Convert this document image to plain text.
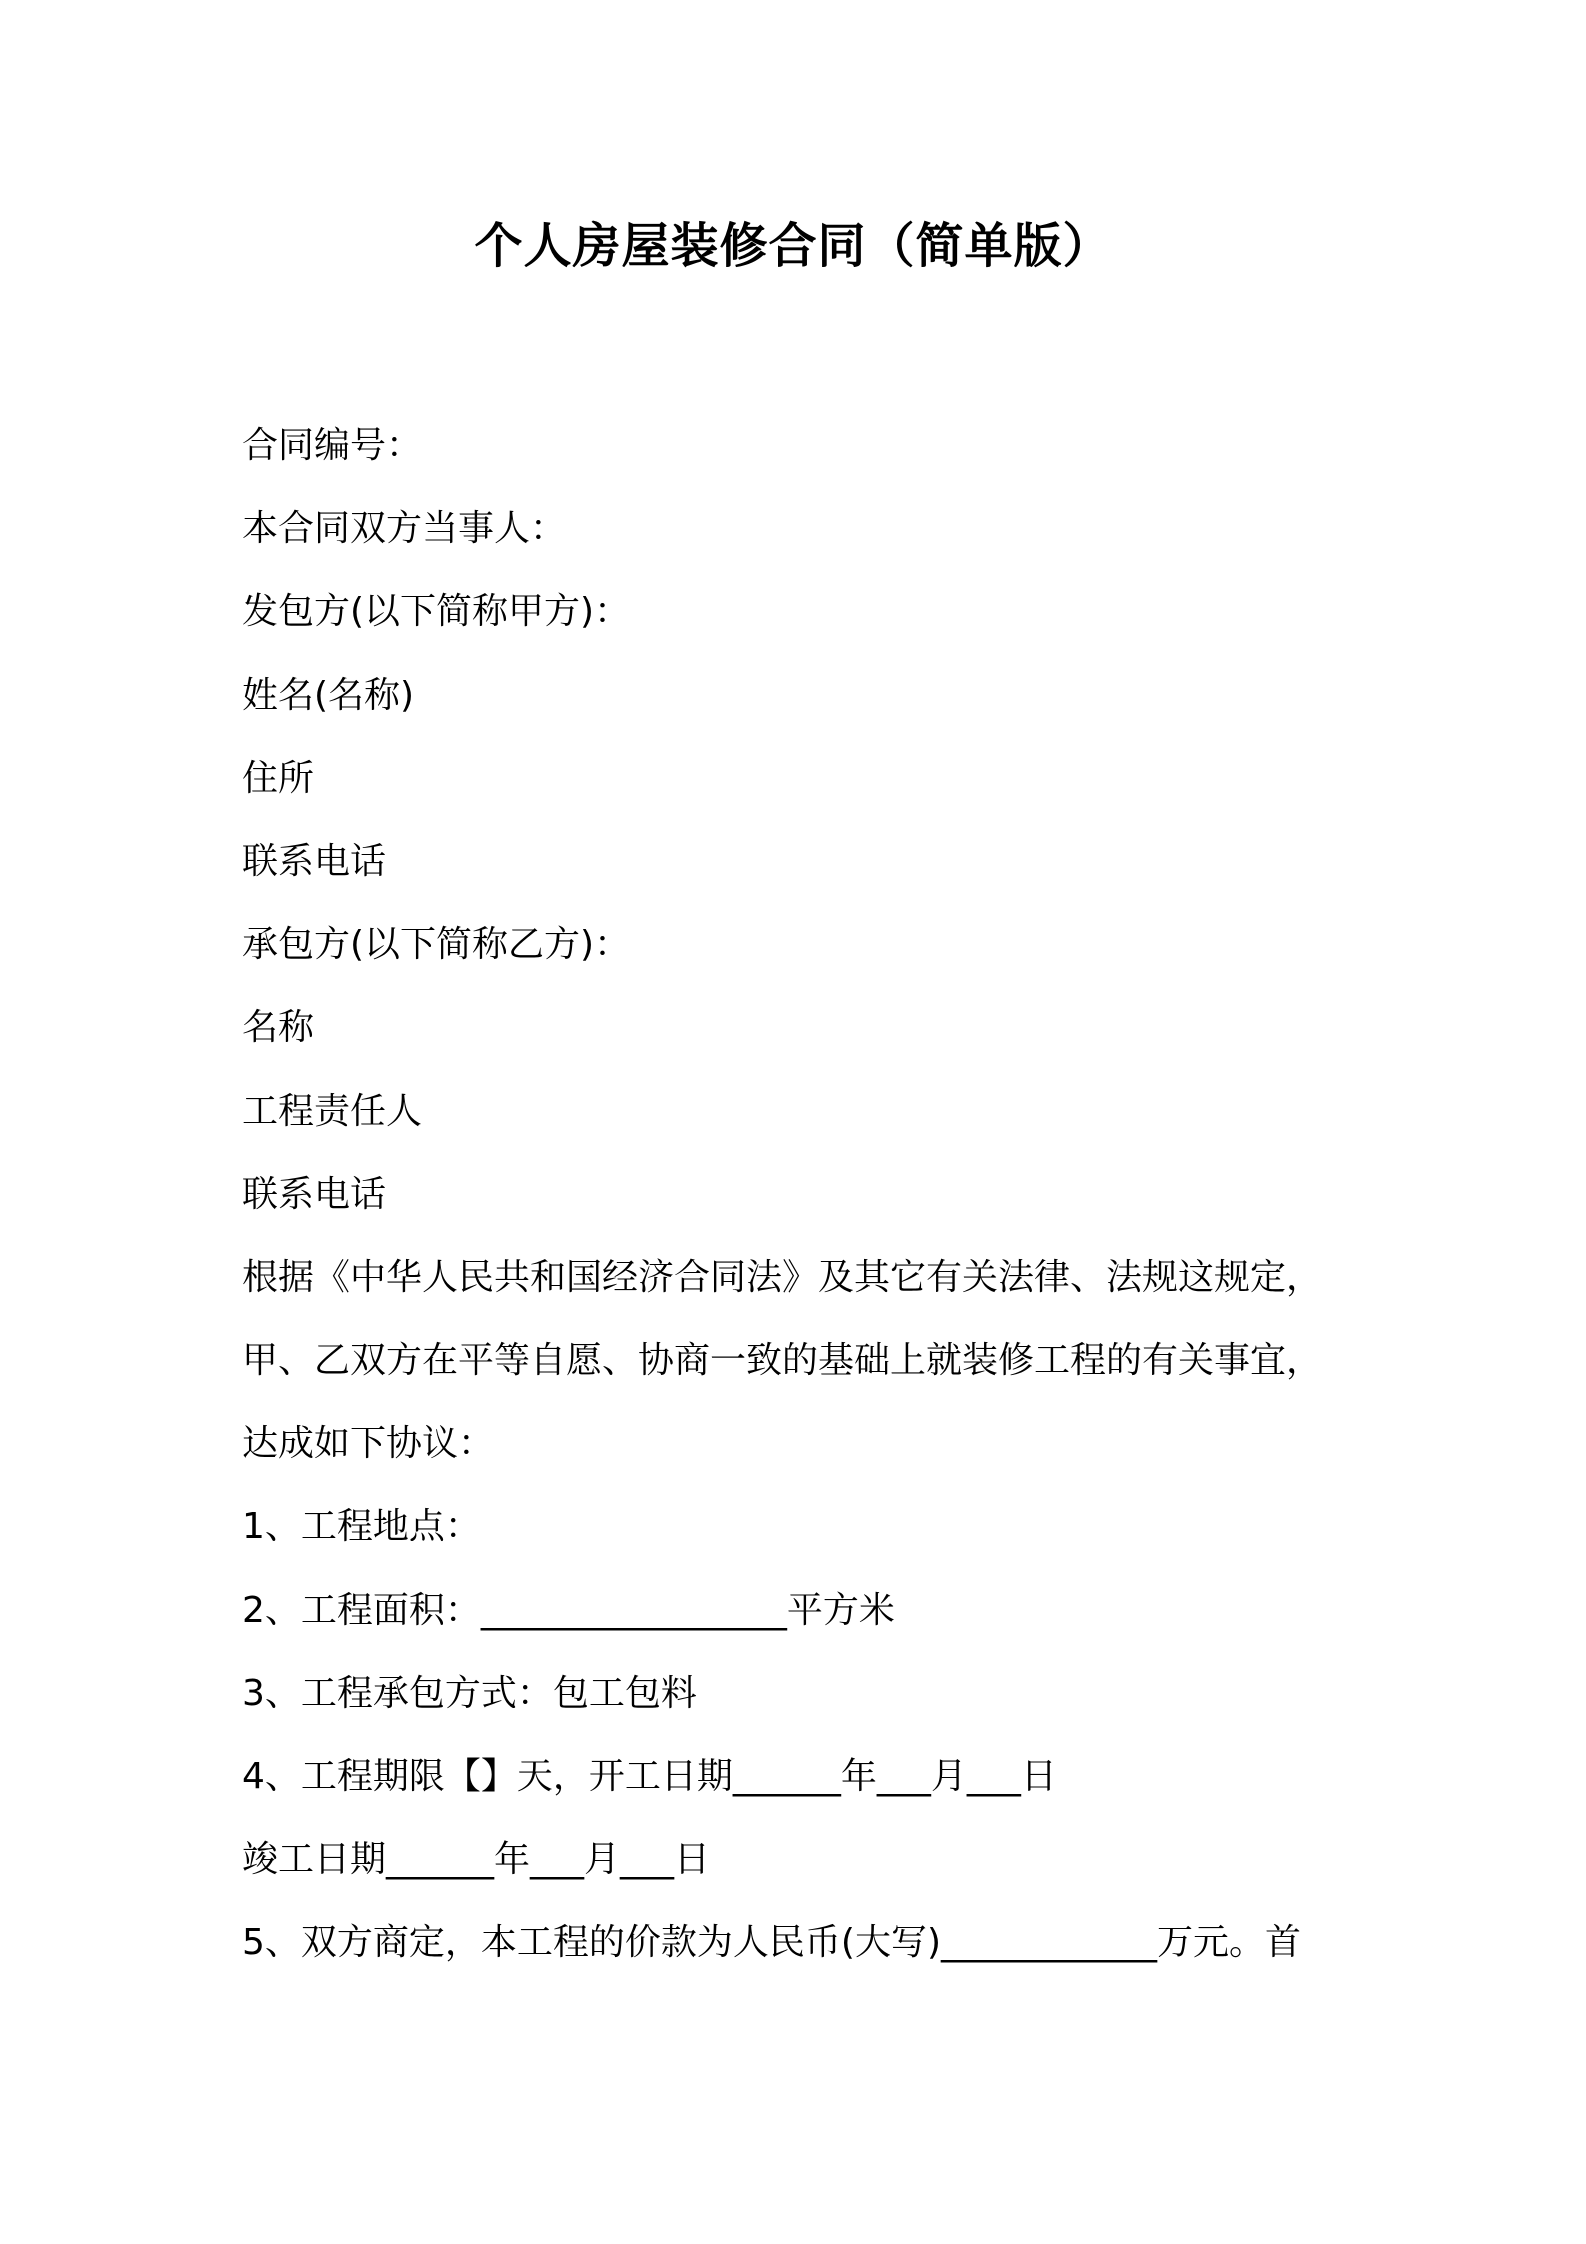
个人房屋装修合同（简单版）
合同编号：
本合同双方当事人：
发包方(以下简称甲方)：
姓名(名称)
住所
联系电话
承包方(以下简称乙方)：
名称
工程责任人
联系电话
根据《中华人民共和国经济合同法》及其它有关法律、法规这规定，
甲、乙双方在平等自愿、协商一致的基础上就装修工程的有关事宜，
达成如下协议：
1、工程地点：
2、工程面积：_________________平方米
3、工程承包方式：包工包料
4、工程期限【】天，开工日期______年___月___日
竣工日期______年___月___日
5、双方商定，本工程的价款为人民币(大写)____________万元。首
